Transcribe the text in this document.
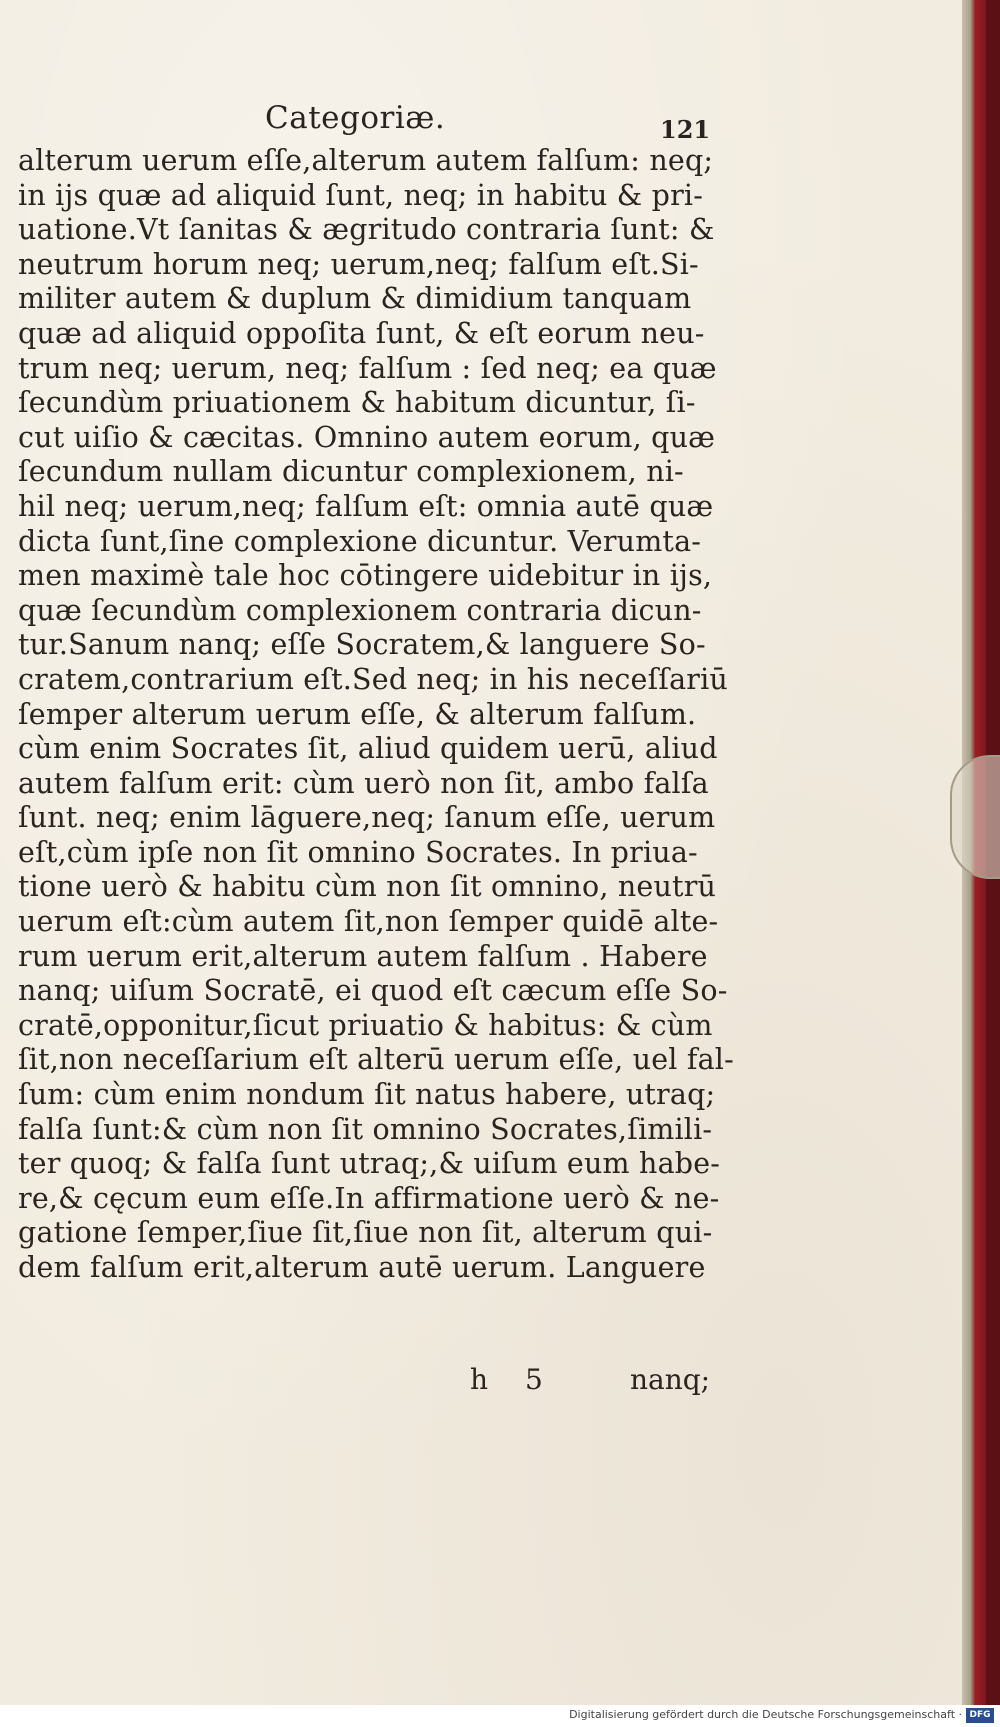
Categoriæ.	121
alterum uerum eſſe,alterum autem falſum: neq;
in ijs quæ ad aliquid ſunt, neq; in habitu & pri-
uatione.Vt ſanitas & ægritudo contraria ſunt: &
neutrum horum neq; uerum,neq; falſum eſt.Si-
militer autem & duplum & dimidium tanquam
quæ ad aliquid oppoſita ſunt, & eſt eorum neu-
trum neq; uerum, neq; falſum : ſed neq; ea quæ
ſecundùm priuationem & habitum dicuntur, ſi-
cut uiſio & cæcitas. Omnino autem eorum, quæ
ſecundum nullam dicuntur complexionem, ni-
hil neq; uerum,neq; falſum eſt: omnia autē quæ
dicta ſunt,ſine complexione dicuntur. Verumta-
men maximè tale hoc cōtingere uidebitur in ijs,
quæ ſecundùm complexionem contraria dicun-
tur.Sanum nanq; eſſe Socratem,& languere So-
cratem,contrarium eſt.Sed neq; in his neceſſariū
ſemper alterum uerum eſſe, & alterum falſum.
cùm enim Socrates ſit, aliud quidem uerū, aliud
autem falſum erit: cùm uerò non ſit, ambo falſa
ſunt. neq; enim lāguere,neq; ſanum eſſe, uerum
eſt,cùm ipſe non ſit omnino Socrates. In priua-
tione uerò & habitu cùm non ſit omnino, neutrū
uerum eſt:cùm autem ſit,non ſemper quidē alte-
rum uerum erit,alterum autem falſum . Habere
nanq; uiſum Socratē, ei quod eſt cæcum eſſe So-
cratē,opponitur,ſicut priuatio & habitus: & cùm
ſit,non neceſſarium eſt alterū uerum eſſe, uel fal-
ſum: cùm enim nondum ſit natus habere, utraq;
falſa ſunt:& cùm non ſit omnino Socrates,ſimili-
ter quoq; & falſa ſunt utraq;,& uiſum eum habe-
re,& cęcum eum eſſe.In affirmatione uerò & ne-
gatione ſemper,ſiue ſit,ſiue non ſit, alterum qui-
dem falſum erit,alterum autē uerum. Languere
h 5	nanq;
Digitalisierung gefördert durch die Deutsche Forschungsgemeinschaft · DFG
